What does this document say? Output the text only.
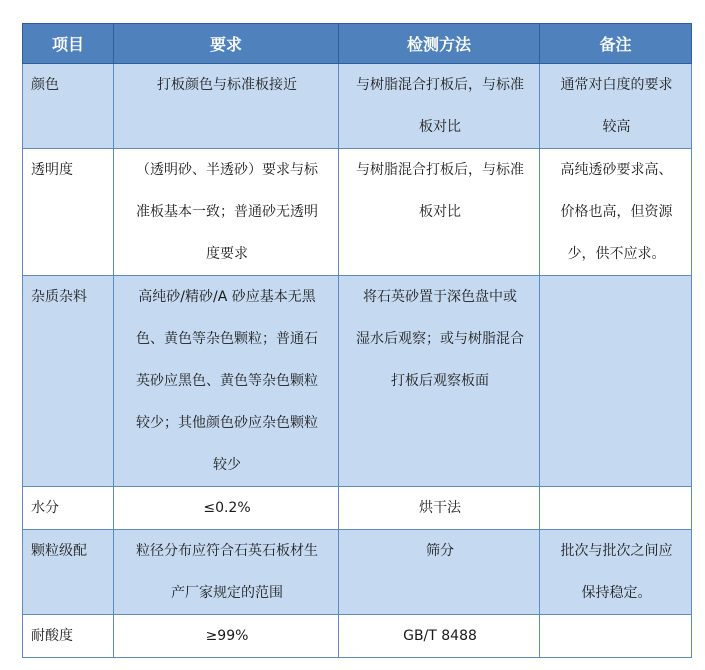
项目	要求	检测方法	备注
颜色	打板颜色与标准板接近	与树脂混合打板后，与标准
板对比	通常对白度的要求
较高

透明度	（透明砂、半透砂）要求与标
准板基本一致；普通砂无透明
度要求	与树脂混合打板后，与标准
板对比	高纯透砂要求高、
价格也高，但资源
少，供不应求。

杂质杂料	高纯砂/精砂/A 砂应基本无黑
色、黄色等杂色颗粒；普通石
英砂应黑色、黄色等杂色颗粒
较少；其他颜色砂应杂色颗粒
较少	将石英砂置于深色盘中或
湿水后观察；或与树脂混合
打板后观察板面	

水分	≤0.2%	烘干法	

颗粒级配	粒径分布应符合石英石板材生
产厂家规定的范围	筛分	批次与批次之间应
保持稳定。

耐酸度	≥99%	GB/T 8488	
